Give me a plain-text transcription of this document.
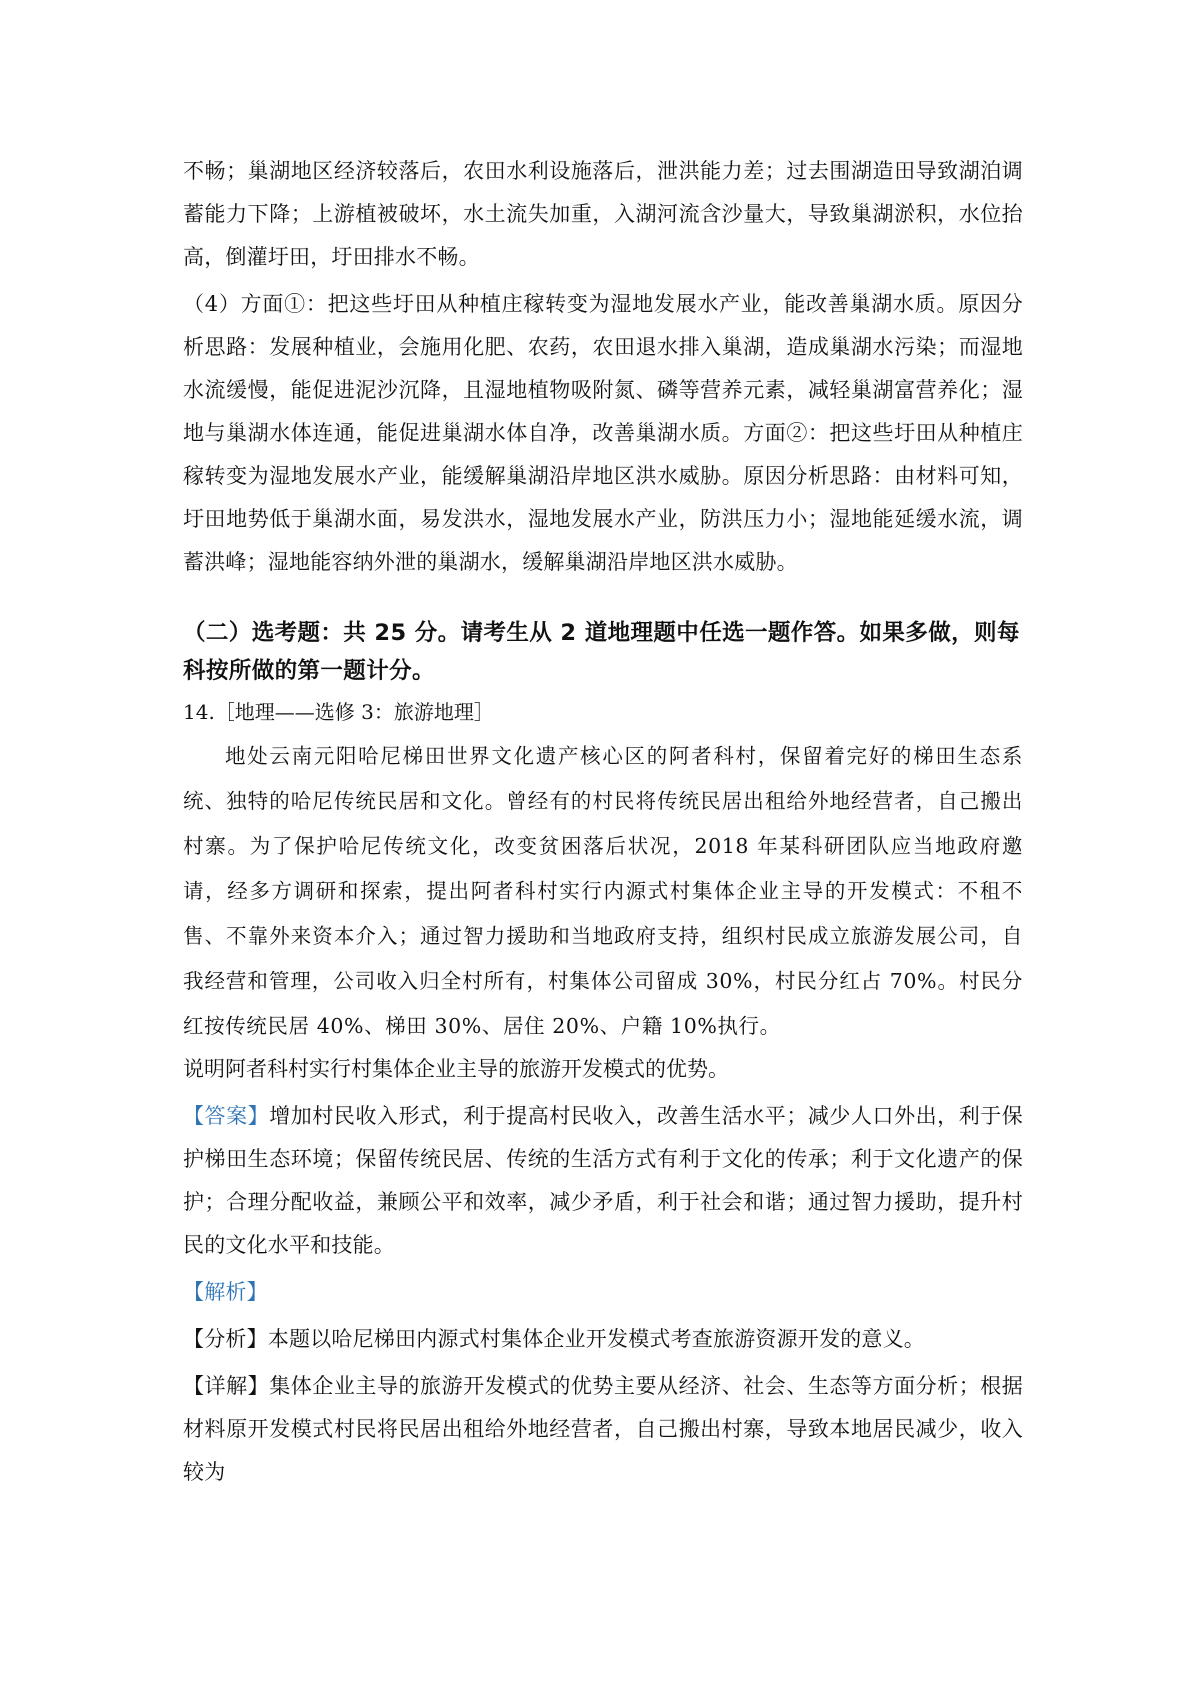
不畅；巢湖地区经济较落后，农田水利设施落后，泄洪能力差；过去围湖造田导致湖泊调蓄能力下降；上游植被破坏，水土流失加重，入湖河流含沙量大，导致巢湖淤积，水位抬高，倒灌圩田，圩田排水不畅。

（4）方面①：把这些圩田从种植庄稼转变为湿地发展水产业，能改善巢湖水质。原因分析思路：发展种植业，会施用化肥、农药，农田退水排入巢湖，造成巢湖水污染；而湿地水流缓慢，能促进泥沙沉降，且湿地植物吸附氮、磷等营养元素，减轻巢湖富营养化；湿地与巢湖水体连通，能促进巢湖水体自净，改善巢湖水质。方面②：把这些圩田从种植庄稼转变为湿地发展水产业，能缓解巢湖沿岸地区洪水威胁。原因分析思路：由材料可知，圩田地势低于巢湖水面，易发洪水，湿地发展水产业，防洪压力小；湿地能延缓水流，调蓄洪峰；湿地能容纳外泄的巢湖水，缓解巢湖沿岸地区洪水威胁。

（二）选考题：共 25 分。请考生从 2 道地理题中任选一题作答。如果多做，则每科按所做的第一题计分。

14.［地理——选修 3：旅游地理］

地处云南元阳哈尼梯田世界文化遗产核心区的阿者科村，保留着完好的梯田生态系统、独特的哈尼传统民居和文化。曾经有的村民将传统民居出租给外地经营者，自己搬出村寨。为了保护哈尼传统文化，改变贫困落后状况，2018 年某科研团队应当地政府邀请，经多方调研和探索，提出阿者科村实行内源式村集体企业主导的开发模式：不租不售、不靠外来资本介入；通过智力援助和当地政府支持，组织村民成立旅游发展公司，自我经营和管理，公司收入归全村所有，村集体公司留成 30%，村民分红占 70%。村民分红按传统民居 40%、梯田 30%、居住 20%、户籍 10%执行。

说明阿者科村实行村集体企业主导的旅游开发模式的优势。

【答案】增加村民收入形式，利于提高村民收入，改善生活水平；减少人口外出，利于保护梯田生态环境；保留传统民居、传统的生活方式有利于文化的传承；利于文化遗产的保护；合理分配收益，兼顾公平和效率，减少矛盾，利于社会和谐；通过智力援助，提升村民的文化水平和技能。

【解析】

【分析】本题以哈尼梯田内源式村集体企业开发模式考查旅游资源开发的意义。

【详解】集体企业主导的旅游开发模式的优势主要从经济、社会、生态等方面分析；根据材料原开发模式村民将民居出租给外地经营者，自己搬出村寨，导致本地居民减少，收入较为
